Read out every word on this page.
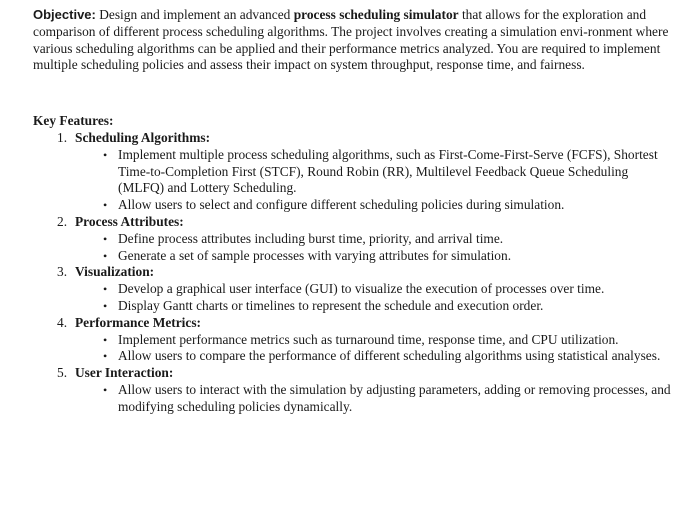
Objective: Design and implement an advanced process scheduling simulator that allows for the exploration and comparison of different process scheduling algorithms. The project involves creating a simulation envi-ronment where various scheduling algorithms can be applied and their performance metrics analyzed. You are required to implement multiple scheduling policies and assess their impact on system throughput, response time, and fairness.

Key Features:

1. Scheduling Algorithms:
• Implement multiple process scheduling algorithms, such as First-Come-First-Serve (FCFS), Shortest Time-to-Completion First (STCF), Round Robin (RR), Multilevel Feedback Queue Scheduling (MLFQ) and Lottery Scheduling.
• Allow users to select and configure different scheduling policies during simulation.
2. Process Attributes:
• Define process attributes including burst time, priority, and arrival time.
• Generate a set of sample processes with varying attributes for simulation.
3. Visualization:
• Develop a graphical user interface (GUI) to visualize the execution of processes over time.
• Display Gantt charts or timelines to represent the schedule and execution order.
4. Performance Metrics:
• Implement performance metrics such as turnaround time, response time, and CPU utilization.
• Allow users to compare the performance of different scheduling algorithms using statistical analyses.
5. User Interaction:
• Allow users to interact with the simulation by adjusting parameters, adding or removing processes, and modifying scheduling policies dynamically.
